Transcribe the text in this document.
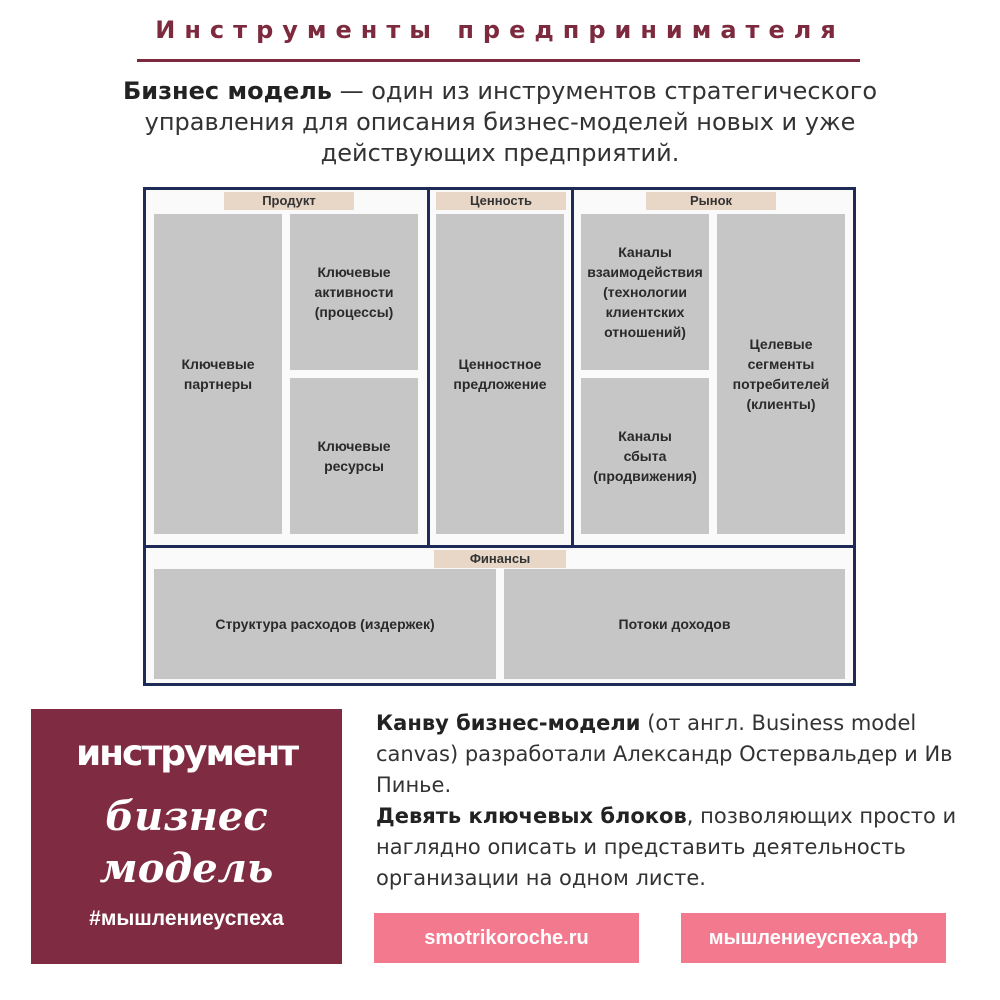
Инструменты предпринимателя
Бизнес модель — один из инструментов стратегического управления для описания бизнес-моделей новых и уже действующих предприятий.
Продукт	Ценность	Рынок
Финансы
Ключевые
партнеры
Ключевые
активности
(процессы)
Ключевые
ресурсы
Ценностное
предложение
Каналы
взаимодействия
(технологии
клиентских
отношений)
Каналы
сбыта
(продвижения)
Целевые
сегменты
потребителей
(клиенты)
Структура расходов (издержек)	Потоки доходов
инструмент
бизнес
модель
#мышлениеуспеха
Канву бизнес-модели (от англ. Business model canvas) разработали Александр Остервальдер и Ив Пинье.
Девять ключевых блоков, позволяющих просто и наглядно описать и представить деятельность организации на одном листе.
smotrikoroche.ru	мышлениеуспеха.рф
